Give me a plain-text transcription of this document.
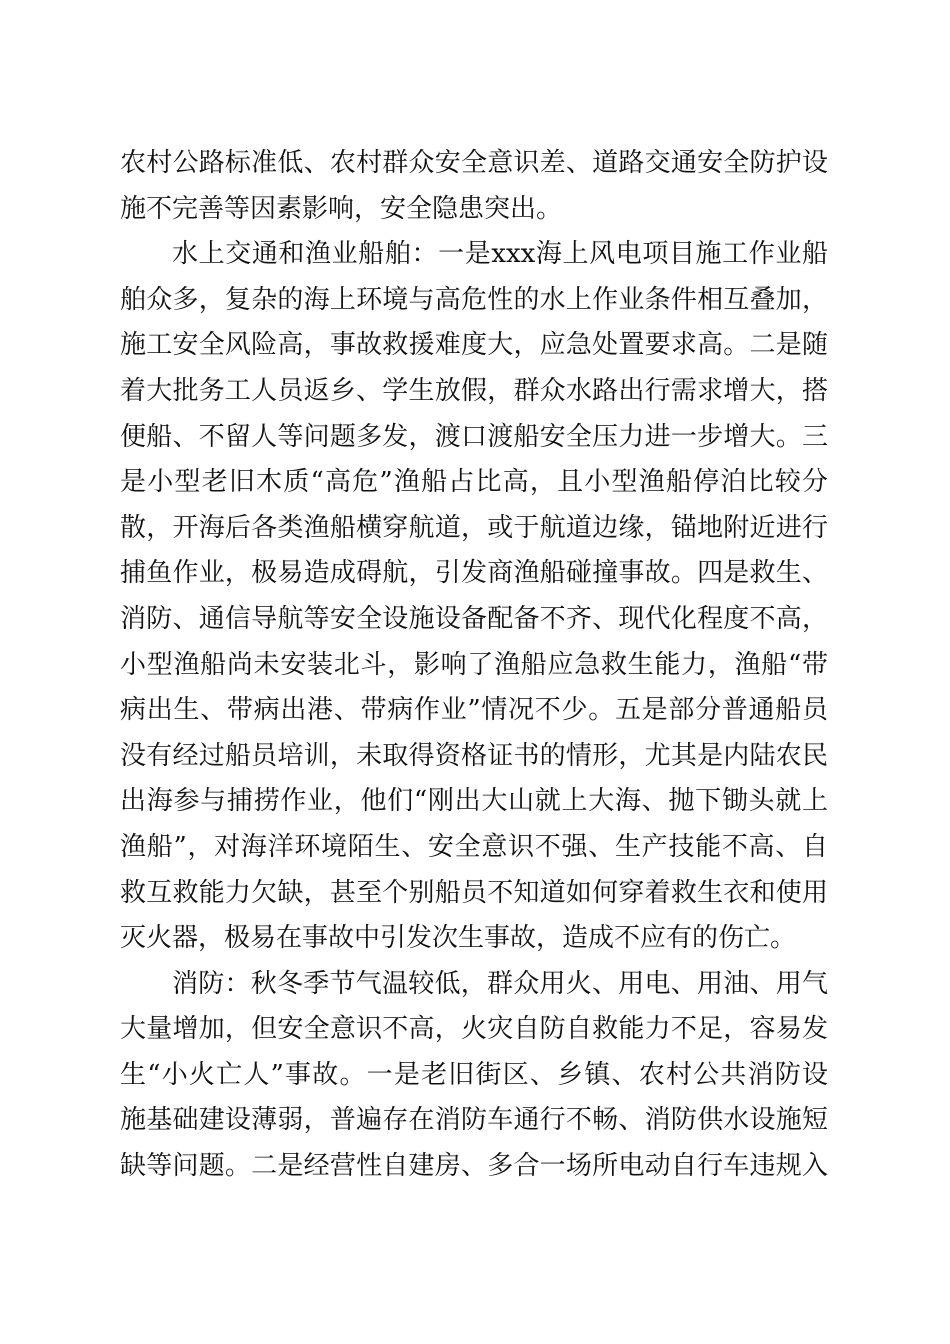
农村公路标准低、农村群众安全意识差、道路交通安全防护设
施不完善等因素影响，安全隐患突出。
水上交通和渔业船舶：一是xxx海上风电项目施工作业船
舶众多，复杂的海上环境与高危性的水上作业条件相互叠加，
施工安全风险高，事故救援难度大，应急处置要求高。二是随
着大批务工人员返乡、学生放假，群众水路出行需求增大，搭
便船、不留人等问题多发，渡口渡船安全压力进一步增大。三
是小型老旧木质“高危”渔船占比高，且小型渔船停泊比较分
散，开海后各类渔船横穿航道，或于航道边缘，锚地附近进行
捕鱼作业，极易造成碍航，引发商渔船碰撞事故。四是救生、
消防、通信导航等安全设施设备配备不齐、现代化程度不高，
小型渔船尚未安装北斗，影响了渔船应急救生能力，渔船“带
病出生、带病出港、带病作业”情况不少。五是部分普通船员
没有经过船员培训，未取得资格证书的情形，尤其是内陆农民
出海参与捕捞作业，他们“刚出大山就上大海、抛下锄头就上
渔船”，对海洋环境陌生、安全意识不强、生产技能不高、自
救互救能力欠缺，甚至个别船员不知道如何穿着救生衣和使用
灭火器，极易在事故中引发次生事故，造成不应有的伤亡。
消防：秋冬季节气温较低，群众用火、用电、用油、用气
大量增加，但安全意识不高，火灾自防自救能力不足，容易发
生“小火亡人”事故。一是老旧街区、乡镇、农村公共消防设
施基础建设薄弱，普遍存在消防车通行不畅、消防供水设施短
缺等问题。二是经营性自建房、多合一场所电动自行车违规入
